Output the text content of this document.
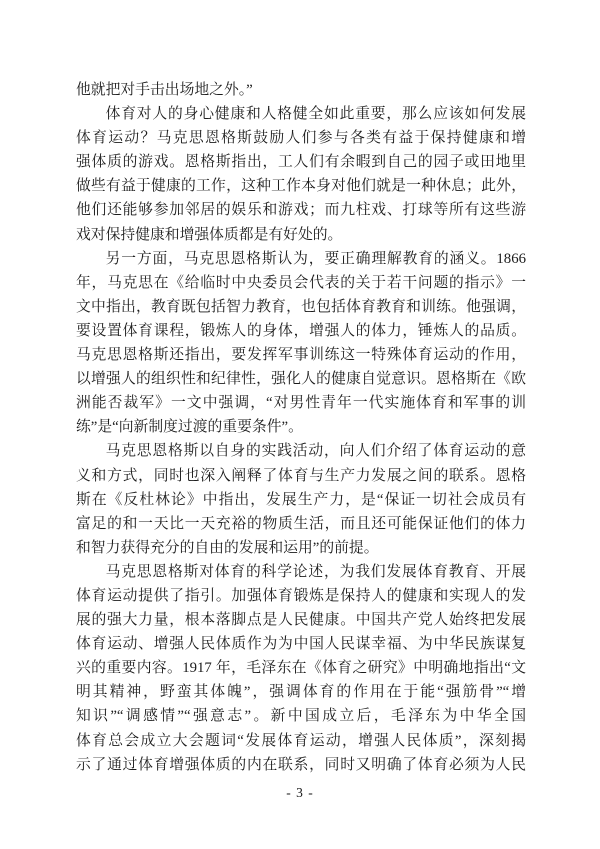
他就把对手击出场地之外。”
体育对人的身心健康和人格健全如此重要，那么应该如何发展
体育运动？马克思恩格斯鼓励人们参与各类有益于保持健康和增
强体质的游戏。恩格斯指出，工人们有余暇到自己的园子或田地里
做些有益于健康的工作，这种工作本身对他们就是一种休息；此外，
他们还能够参加邻居的娱乐和游戏；而九柱戏、打球等所有这些游
戏对保持健康和增强体质都是有好处的。
另一方面，马克思恩格斯认为，要正确理解教育的涵义。1866
年，马克思在《给临时中央委员会代表的关于若干问题的指示》一
文中指出，教育既包括智力教育，也包括体育教育和训练。他强调，
要设置体育课程，锻炼人的身体，增强人的体力，锤炼人的品质。
马克思恩格斯还指出，要发挥军事训练这一特殊体育运动的作用，
以增强人的组织性和纪律性，强化人的健康自觉意识。恩格斯在《欧
洲能否裁军》一文中强调，“对男性青年一代实施体育和军事的训
练”是“向新制度过渡的重要条件”。
马克思恩格斯以自身的实践活动，向人们介绍了体育运动的意
义和方式，同时也深入阐释了体育与生产力发展之间的联系。恩格
斯在《反杜林论》中指出，发展生产力，是“保证一切社会成员有
富足的和一天比一天充裕的物质生活，而且还可能保证他们的体力
和智力获得充分的自由的发展和运用”的前提。
马克思恩格斯对体育的科学论述，为我们发展体育教育、开展
体育运动提供了指引。加强体育锻炼是保持人的健康和实现人的发
展的强大力量，根本落脚点是人民健康。中国共产党人始终把发展
体育运动、增强人民体质作为为中国人民谋幸福、为中华民族谋复
兴的重要内容。1917 年，毛泽东在《体育之研究》中明确地指出“文
明其精神，野蛮其体魄”，强调体育的作用在于能“强筋骨”“增
知识”“调感情”“强意志”。新中国成立后，毛泽东为中华全国
体育总会成立大会题词“发展体育运动，增强人民体质”，深刻揭
示了通过体育增强体质的内在联系，同时又明确了体育必须为人民
- 3 -
